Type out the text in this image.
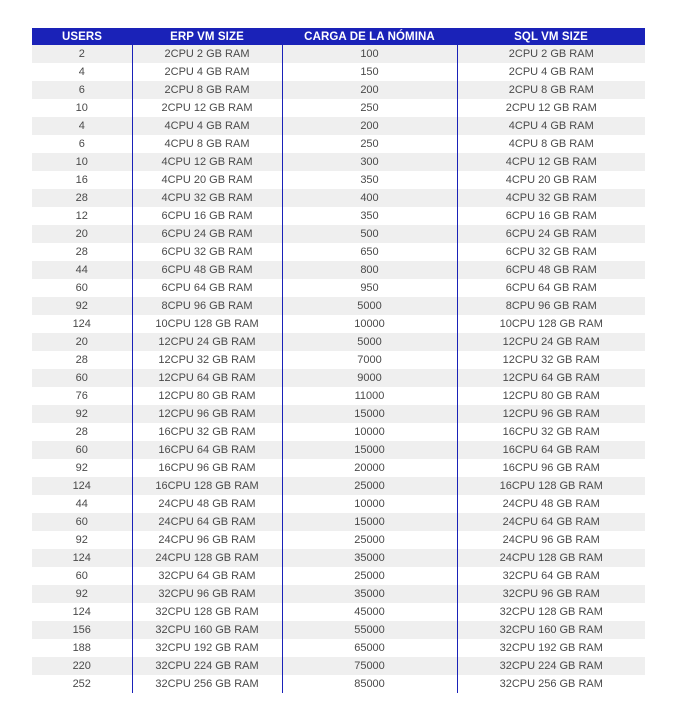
USERS	ERP VM SIZE	CARGA DE LA NÓMINA	SQL VM SIZE
2	2CPU 2 GB RAM	100	2CPU 2 GB RAM
4	2CPU 4 GB RAM	150	2CPU 4 GB RAM
6	2CPU 8 GB RAM	200	2CPU 8 GB RAM
10	2CPU 12 GB RAM	250	2CPU 12 GB RAM
4	4CPU 4 GB RAM	200	4CPU 4 GB RAM
6	4CPU 8 GB RAM	250	4CPU 8 GB RAM
10	4CPU 12 GB RAM	300	4CPU 12 GB RAM
16	4CPU 20 GB RAM	350	4CPU 20 GB RAM
28	4CPU 32 GB RAM	400	4CPU 32 GB RAM
12	6CPU 16 GB RAM	350	6CPU 16 GB RAM
20	6CPU 24 GB RAM	500	6CPU 24 GB RAM
28	6CPU 32 GB RAM	650	6CPU 32 GB RAM
44	6CPU 48 GB RAM	800	6CPU 48 GB RAM
60	6CPU 64 GB RAM	950	6CPU 64 GB RAM
92	8CPU 96 GB RAM	5000	8CPU 96 GB RAM
124	10CPU 128 GB RAM	10000	10CPU 128 GB RAM
20	12CPU 24 GB RAM	5000	12CPU 24 GB RAM
28	12CPU 32 GB RAM	7000	12CPU 32 GB RAM
60	12CPU 64 GB RAM	9000	12CPU 64 GB RAM
76	12CPU 80 GB RAM	11000	12CPU 80 GB RAM
92	12CPU 96 GB RAM	15000	12CPU 96 GB RAM
28	16CPU 32 GB RAM	10000	16CPU 32 GB RAM
60	16CPU 64 GB RAM	15000	16CPU 64 GB RAM
92	16CPU 96 GB RAM	20000	16CPU 96 GB RAM
124	16CPU 128 GB RAM	25000	16CPU 128 GB RAM
44	24CPU 48 GB RAM	10000	24CPU 48 GB RAM
60	24CPU 64 GB RAM	15000	24CPU 64 GB RAM
92	24CPU 96 GB RAM	25000	24CPU 96 GB RAM
124	24CPU 128 GB RAM	35000	24CPU 128 GB RAM
60	32CPU 64 GB RAM	25000	32CPU 64 GB RAM
92	32CPU 96 GB RAM	35000	32CPU 96 GB RAM
124	32CPU 128 GB RAM	45000	32CPU 128 GB RAM
156	32CPU 160 GB RAM	55000	32CPU 160 GB RAM
188	32CPU 192 GB RAM	65000	32CPU 192 GB RAM
220	32CPU 224 GB RAM	75000	32CPU 224 GB RAM
252	32CPU 256 GB RAM	85000	32CPU 256 GB RAM
